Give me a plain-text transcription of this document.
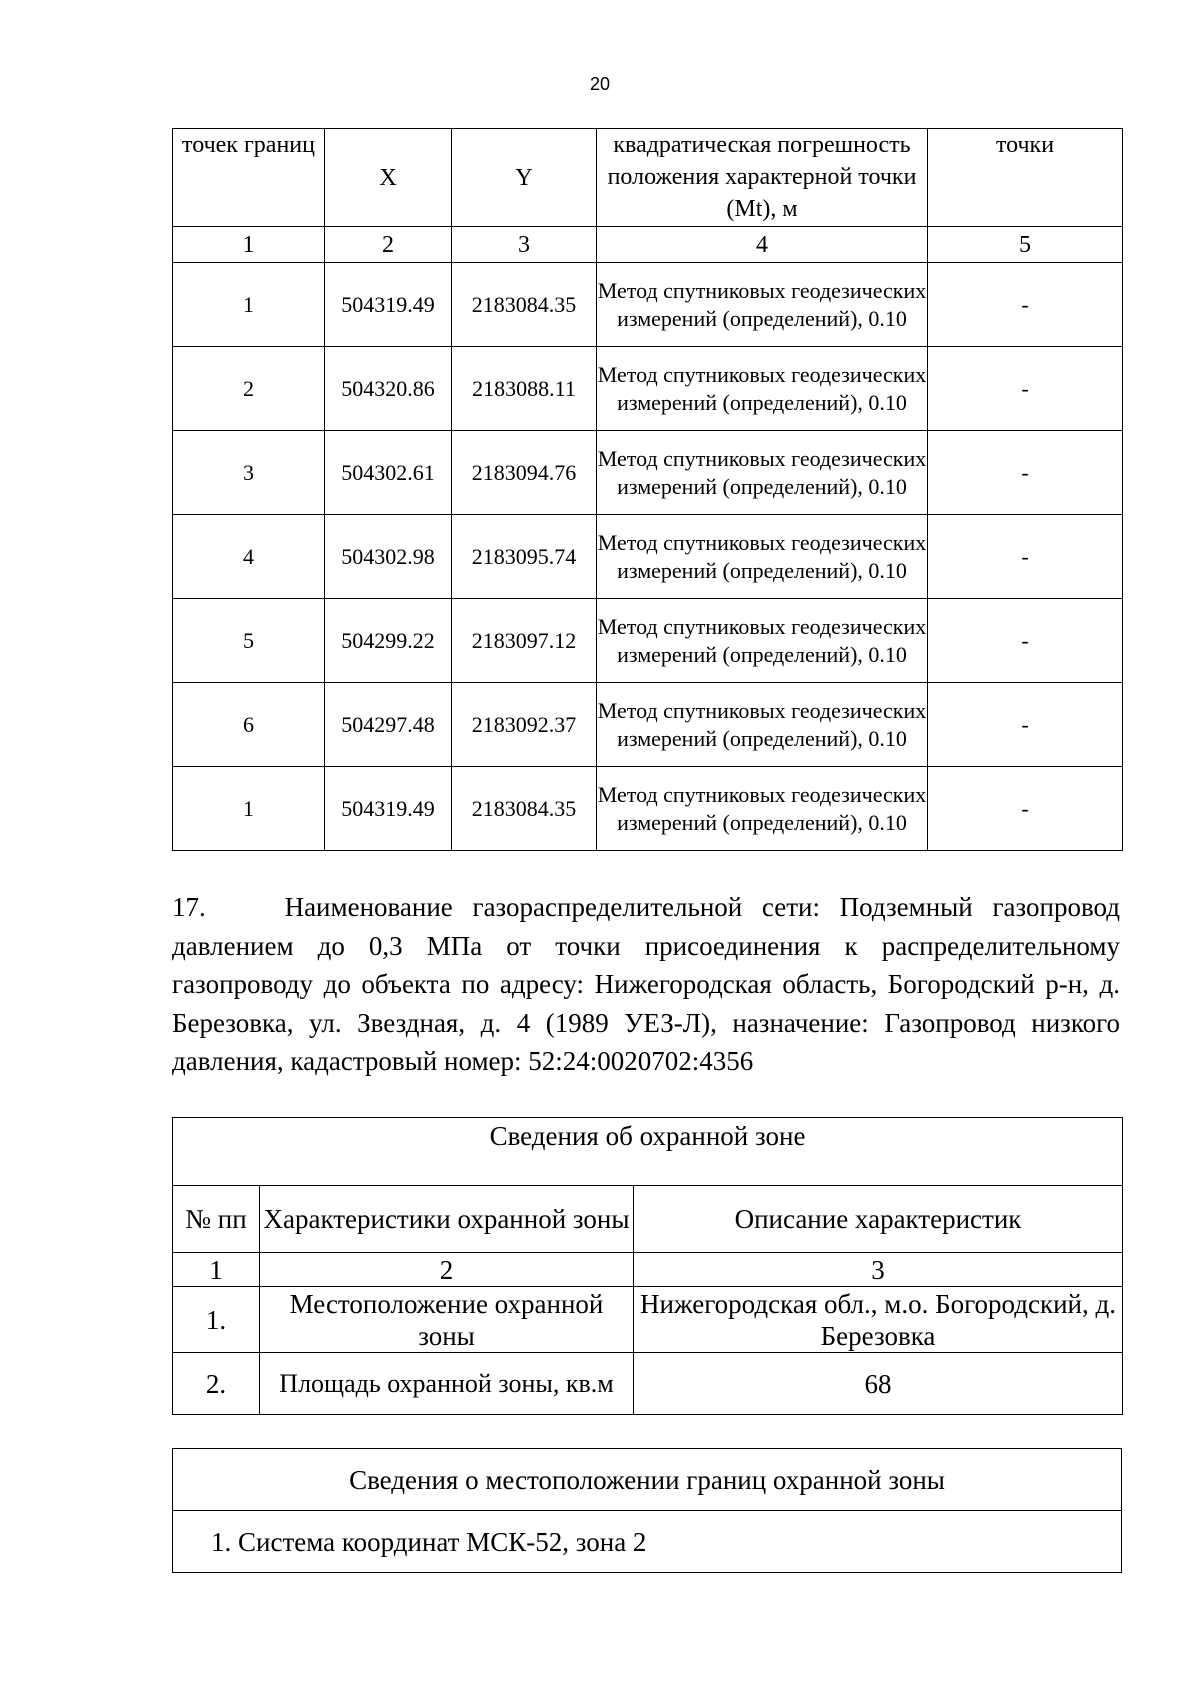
20
точек границ	X	Y	квадратическая погрешность положения характерной точки (Mt), м	точки
1	2	3	4	5
1	504319.49	2183084.35	Метод спутниковых геодезических измерений (определений), 0.10	-
2	504320.86	2183088.11	Метод спутниковых геодезических измерений (определений), 0.10	-
3	504302.61	2183094.76	Метод спутниковых геодезических измерений (определений), 0.10	-
4	504302.98	2183095.74	Метод спутниковых геодезических измерений (определений), 0.10	-
5	504299.22	2183097.12	Метод спутниковых геодезических измерений (определений), 0.10	-
6	504297.48	2183092.37	Метод спутниковых геодезических измерений (определений), 0.10	-
1	504319.49	2183084.35	Метод спутниковых геодезических измерений (определений), 0.10	-

17.    Наименование газораспределительной сети: Подземный газопровод давлением до 0,3 МПа от точки присоединения к распределительному газопроводу до объекта по адресу: Нижегородская область, Богородский р-н, д. Березовка, ул. Звездная, д. 4 (1989 УЕЗ-Л), назначение: Газопровод низкого давления, кадастровый номер: 52:24:0020702:4356

Сведения об охранной зоне		
№ пп	Характеристики охранной зоны	Описание характеристик
1	2	3
1.	Местоположение охранной зоны	Нижегородская обл., м.о. Богородский, д. Березовка
2.	Площадь охранной зоны, кв.м	68
Сведения о местоположении границ охранной зоны
1. Система координат МСК-52, зона 2
